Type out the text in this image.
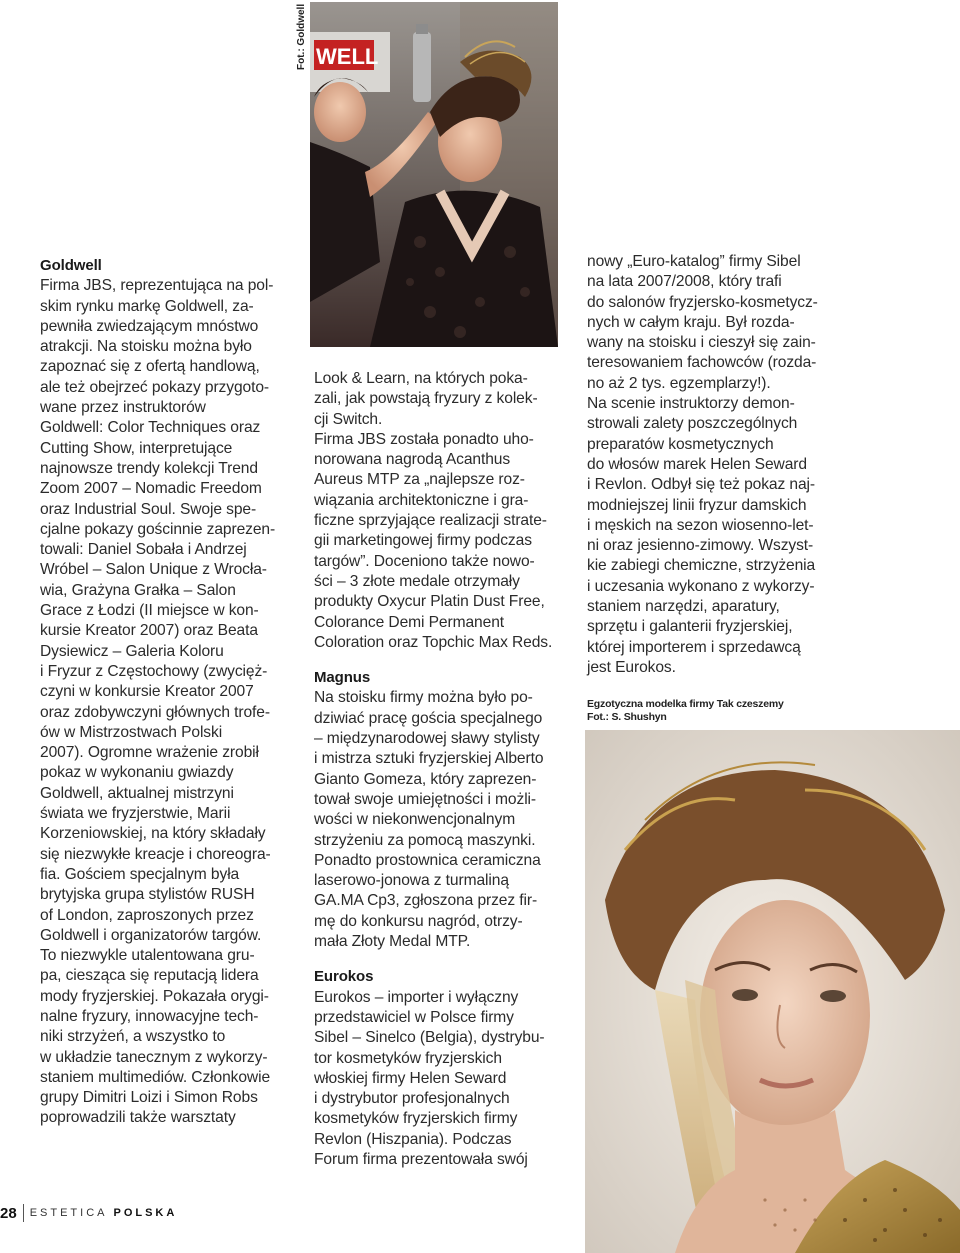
Fot.: Goldwell WELL
Goldwell

Firma JBS, reprezentująca na pol-

skim rynku markę Goldwell, za-

pewniła zwiedzającym mnóstwo

atrakcji. Na stoisku można było

zapoznać się z ofertą handlową,

ale też obejrzeć pokazy przygoto-

wane przez instruktorów

Goldwell: Color Techniques oraz

Cutting Show, interpretujące

najnowsze trendy kolekcji Trend

Zoom 2007 – Nomadic Freedom

oraz Industrial Soul. Swoje spe-

cjalne pokazy gościnnie zaprezen-

towali: Daniel Sobała i Andrzej

Wróbel – Salon Unique z Wrocła-

wia, Grażyna Grałka – Salon

Grace z Łodzi (II miejsce w kon-

kursie Kreator 2007) oraz Beata

Dysiewicz – Galeria Koloru

i Fryzur z Częstochowy (zwycięż-

czyni w konkursie Kreator 2007

oraz zdobywczyni głównych trofe-

ów w Mistrzostwach Polski

2007). Ogromne wrażenie zrobił

pokaz w wykonaniu gwiazdy

Goldwell, aktualnej mistrzyni

świata we fryzjerstwie, Marii

Korzeniowskiej, na który składały

się niezwykłe kreacje i choreogra-

fia. Gościem specjalnym była

brytyjska grupa stylistów RUSH

of London, zaproszonych przez

Goldwell i organizatorów targów.

To niezwykle utalentowana gru-

pa, ciesząca się reputacją lidera

mody fryzjerskiej. Pokazała orygi-

nalne fryzury, innowacyjne tech-

niki strzyżeń, a wszystko to

w układzie tanecznym z wykorzy-

staniem multimediów. Członkowie

grupy Dimitri Loizi i Simon Robs

poprowadzili także warsztaty

Look & Learn, na których poka-

zali, jak powstają fryzury z kolek-

cji Switch.

Firma JBS została ponadto uho-

norowana nagrodą Acanthus

Aureus MTP za „najlepsze roz-

wiązania architektoniczne i gra-

ficzne sprzyjające realizacji strate-

gii marketingowej firmy podczas

targów”. Doceniono także nowo-

ści – 3 złote medale otrzymały

produkty Oxycur Platin Dust Free,

Colorance Demi Permanent

Coloration oraz Topchic Max Reds.

Magnus

Na stoisku firmy można było po-

dziwiać pracę gościa specjalnego

– międzynarodowej sławy stylisty

i mistrza sztuki fryzjerskiej Alberto

Gianto Gomeza, który zaprezen-

tował swoje umiejętności i możli-

wości w niekonwencjonalnym

strzyżeniu za pomocą maszynki.

Ponadto prostownica ceramiczna

laserowo-jonowa z turmaliną

GA.MA Cp3, zgłoszona przez fir-

mę do konkursu nagród, otrzy-

mała Złoty Medal MTP.

Eurokos

Eurokos – importer i wyłączny

przedstawiciel w Polsce firmy

Sibel – Sinelco (Belgia), dystrybu-

tor kosmetyków fryzjerskich

włoskiej firmy Helen Seward

i dystrybutor profesjonalnych

kosmetyków fryzjerskich firmy

Revlon (Hiszpania). Podczas

Forum firma prezentowała swój

nowy „Euro-katalog” firmy Sibel

na lata 2007/2008, który trafi

do salonów fryzjersko-kosmetycz-

nych w całym kraju. Był rozda-

wany na stoisku i cieszył się zain-

teresowaniem fachowców (rozda-

no aż 2 tys. egzemplarzy!).

Na scenie instruktorzy demon-

strowali zalety poszczególnych

preparatów kosmetycznych

do włosów marek Helen Seward

i Revlon. Odbył się też pokaz naj-

modniejszej linii fryzur damskich

i męskich na sezon wiosenno-let-

ni oraz jesienno-zimowy. Wszyst-

kie zabiegi chemiczne, strzyżenia

i uczesania wykonano z wykorzy-

staniem narzędzi, aparatury,

sprzętu i galanterii fryzjerskiej,

której importerem i sprzedawcą

jest Eurokos.

Egzotyczna modelka firmy Tak czeszemy

Fot.: S. Shushyn

28 ESTETICA POLSKA
